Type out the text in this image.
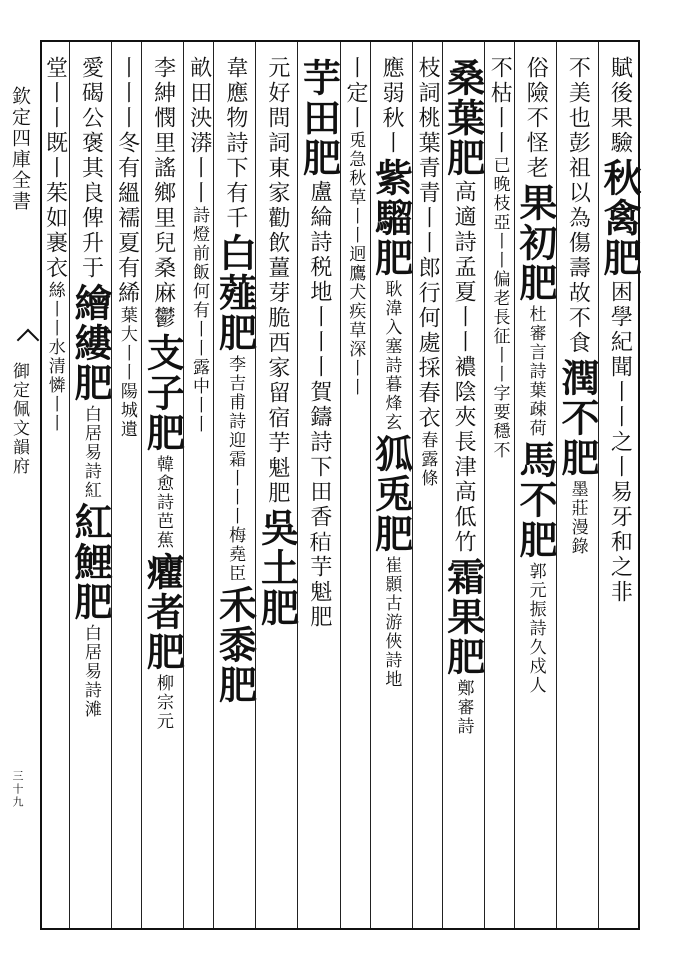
欽定四庫全書
御定佩文韻府
三十九
賦後果驗
秋禽肥
困學紀聞丨丨之丨易牙和之非
不美也彭祖以為傷壽故不食
潤不肥
墨莊漫錄
俗險不怪老
果初肥
杜審言詩葉疎荷
馬不肥
郭元振詩久戍人
不枯丨丨
已晚枝亞丨丨
偏老長征丨丨
字要穩不
桑葉肥
高適詩孟夏丨丨襛陰夾長津高低竹
霜果肥
鄭審詩
枝詞桃葉青青丨丨郎行何處採春衣
春露條
應弱秋丨
紫騮肥
耿湋入塞詩暮烽玄
狐兎肥
崔顥古游俠詩地
丨定丨
兎急秋草丨丨
迥鷹犬疾草深丨丨
芋田肥
盧綸詩税地丨丨丨賀鑄詩下田香𥞞芋魁肥
元好問詞東家勸飲薑芽脆西家留宿芋魁肥
吳土肥
韋應物詩下有千
白薤肥
李吉甫詩迎霜丨丨丨梅堯臣
禾黍肥
畝田泱漭丨丨
詩燈前飯何有丨丨露中丨丨
李紳憫里謠鄉里兒桑麻鬱
支子肥
韓愈詩芭蕉
癯者肥
柳宗元
丨丨丨冬有縕襦夏有絺
葉大丨丨
陽城遺
愛碣公褒其良俾升于
繪縷肥
白居易詩紅
紅鯉肥
白居易詩滩
堂丨丨既丨茱如裹衣
絲丨丨
水清憐丨丨
